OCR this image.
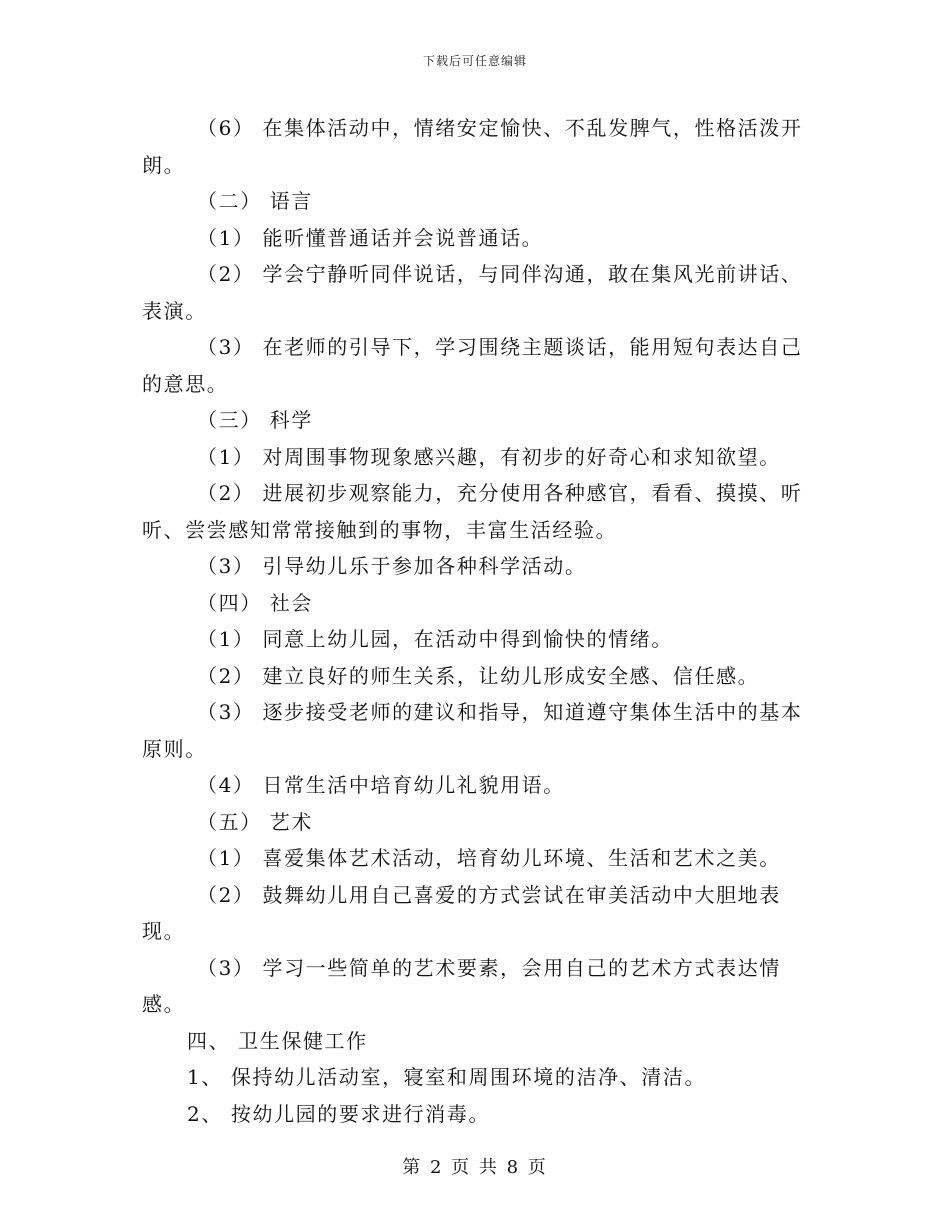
下载后可任意编辑
（6） 在集体活动中，情绪安定愉快、不乱发脾气，性格活泼开朗。
（二） 语言
（1） 能听懂普通话并会说普通话。
（2） 学会宁静听同伴说话，与同伴沟通，敢在集风光前讲话、表演。
（3） 在老师的引导下，学习围绕主题谈话，能用短句表达自己的意思。
（三） 科学
（1） 对周围事物现象感兴趣，有初步的好奇心和求知欲望。
（2） 进展初步观察能力，充分使用各种感官，看看、摸摸、听听、尝尝感知常常接触到的事物，丰富生活经验。
（3） 引导幼儿乐于参加各种科学活动。
（四） 社会
（1） 同意上幼儿园，在活动中得到愉快的情绪。
（2） 建立良好的师生关系，让幼儿形成安全感、信任感。
（3） 逐步接受老师的建议和指导，知道遵守集体生活中的基本原则。
（4） 日常生活中培育幼儿礼貌用语。
（五） 艺术
（1） 喜爱集体艺术活动，培育幼儿环境、生活和艺术之美。
（2） 鼓舞幼儿用自己喜爱的方式尝试在审美活动中大胆地表现。
（3） 学习一些简单的艺术要素，会用自己的艺术方式表达情感。
四、 卫生保健工作
1、 保持幼儿活动室，寝室和周围环境的洁净、清洁。
2、 按幼儿园的要求进行消毒。
第 2 页 共 8 页
